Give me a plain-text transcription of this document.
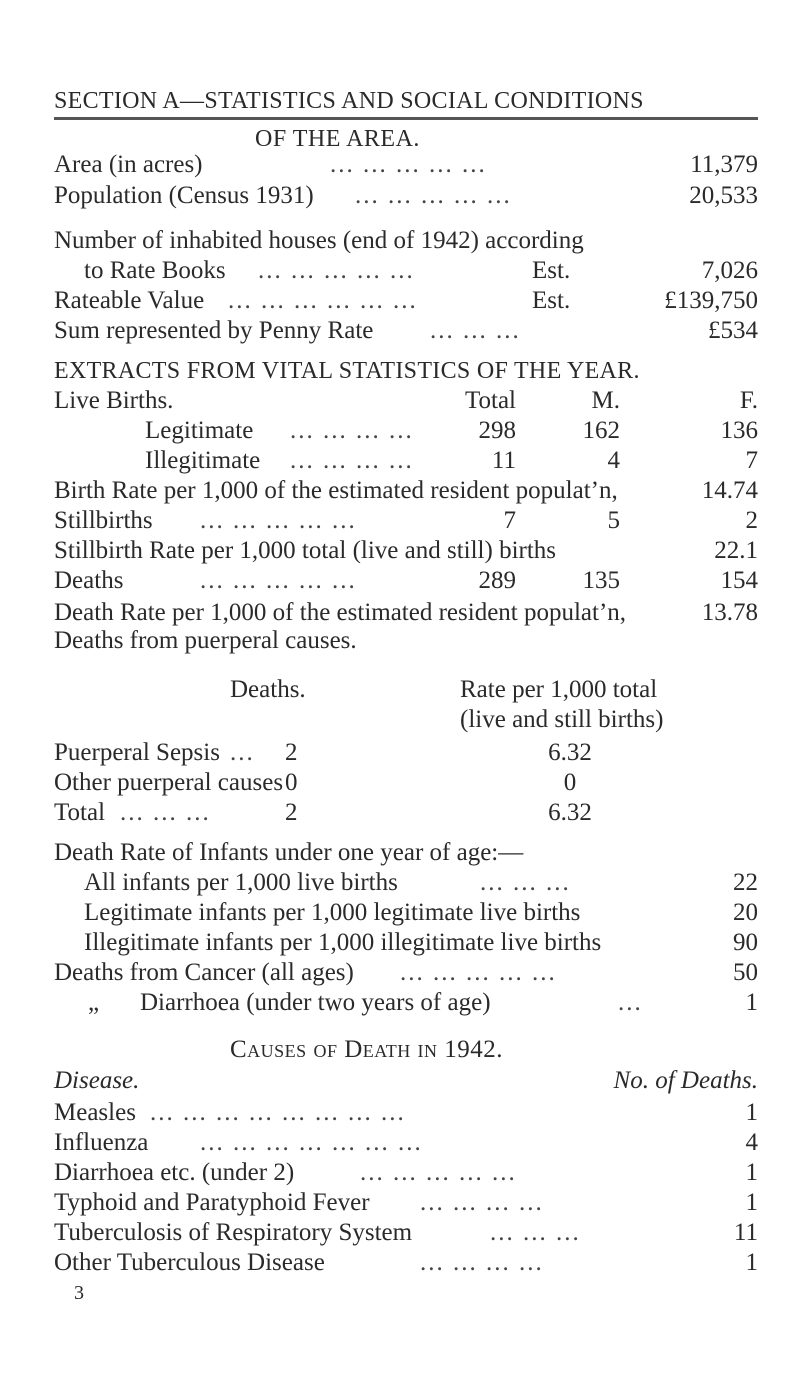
SECTION A—STATISTICS AND SOCIAL CONDITIONS
OF THE AREA.
Area (in acres)	... ... ... ... ...	11,379
Population (Census 1931) ... ... ... ... ...	20,533
Number of inhabited houses (end of 1942) according
to Rate Books ... ... ... ... ...	Est.	7,026
Rateable Value ... ... ... ... ... ...	Est.	£139,750
Sum represented by Penny Rate ... ... ...	£534
EXTRACTS FROM VITAL STATISTICS OF THE YEAR.
Live Births.	Total	M.	F.
Legitimate ... ... ... ...	298	162	136
Illegitimate ... ... ... ...	11	4	7
Birth Rate per 1,000 of the estimated resident populat’n,	14.74
Stillbirths ... ... ... ... ...	7	5	2
Stillbirth Rate per 1,000 total (live and still) births	22.1
Deaths	... ... ... ... ...	289	135	154
Death Rate per 1,000 of the estimated resident populat’n,	13.78
Deaths from puerperal causes.
Deaths.	Rate per 1,000 total
(live and still births)
Puerperal Sepsis ... 2	6.32
Other puerperal causes 0	0
Total ... ... ...	2	6.32
Death Rate of Infants under one year of age:—
All infants per 1,000 live births	... ... ...	22
Legitimate infants per 1,000 legitimate live births	20
Illegitimate infants per 1,000 illegitimate live births	90
Deaths from Cancer (all ages) ... ... ... ... ...	50
„ Diarrhoea (under two years of age)	...	1
Causes of Death in 1942.
Disease.	No. of Deaths.
Measles ... ... ... ... ... ... ... ...	1
Influenza ... ... ... ... ... ... ...	4
Diarrhoea etc. (under 2)	... ... ... ... ...	1
Typhoid and Paratyphoid Fever ... ... ... ...	1
Tuberculosis of Respiratory System	... ... ...	11
Other Tuberculous Disease	... ... ... ...	1
3
